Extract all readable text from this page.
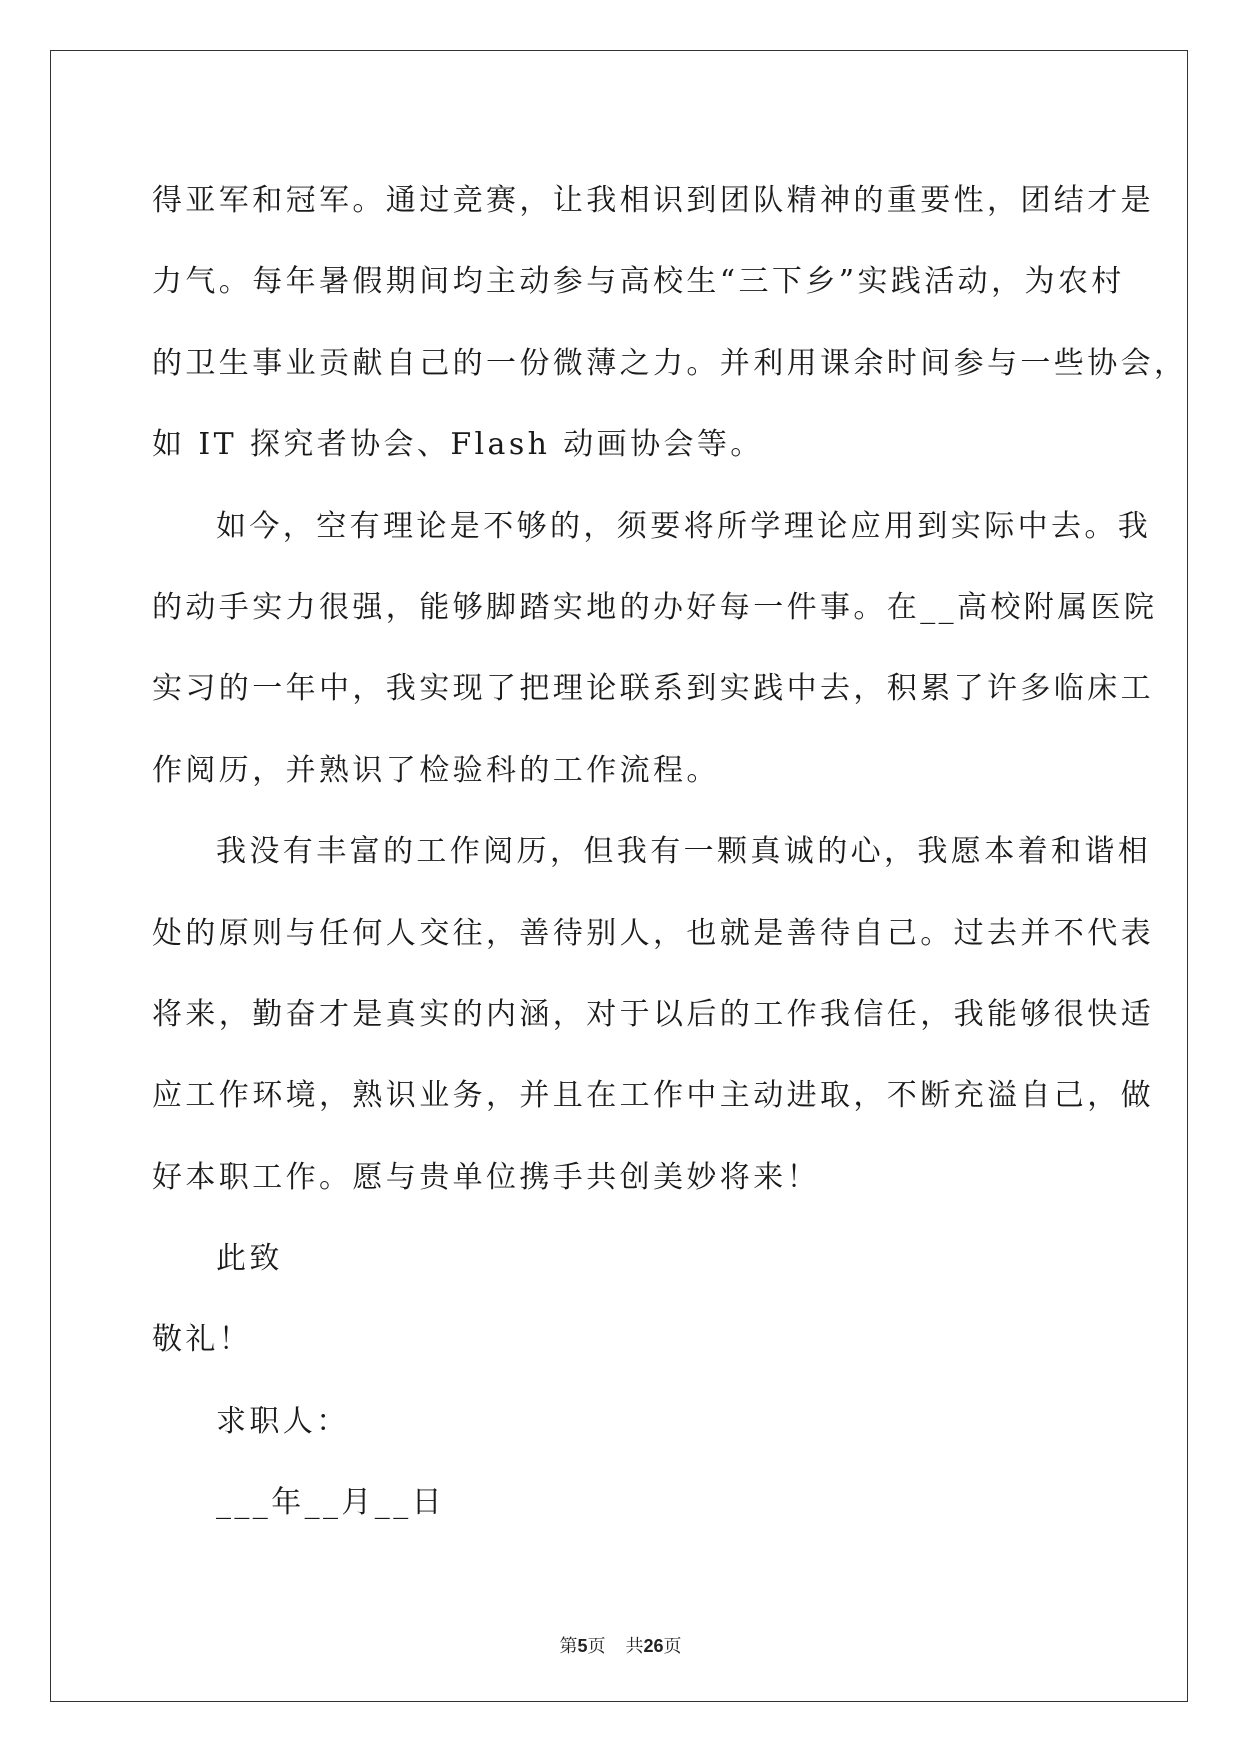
得亚军和冠军。通过竞赛，让我相识到团队精神的重要性，团结才是
力气。每年暑假期间均主动参与高校生“三下乡”实践活动，为农村
的卫生事业贡献自己的一份微薄之力。并利用课余时间参与一些协会，
如 IT 探究者协会、Flash 动画协会等。
如今，空有理论是不够的，须要将所学理论应用到实际中去。我
的动手实力很强，能够脚踏实地的办好每一件事。在__高校附属医院
实习的一年中，我实现了把理论联系到实践中去，积累了许多临床工
作阅历，并熟识了检验科的工作流程。
我没有丰富的工作阅历，但我有一颗真诚的心，我愿本着和谐相
处的原则与任何人交往，善待别人，也就是善待自己。过去并不代表
将来，勤奋才是真实的内涵，对于以后的工作我信任，我能够很快适
应工作环境，熟识业务，并且在工作中主动进取，不断充溢自己，做
好本职工作。愿与贵单位携手共创美妙将来！
此致
敬礼！
求职人：
___年__月__日
第5页 共26页
